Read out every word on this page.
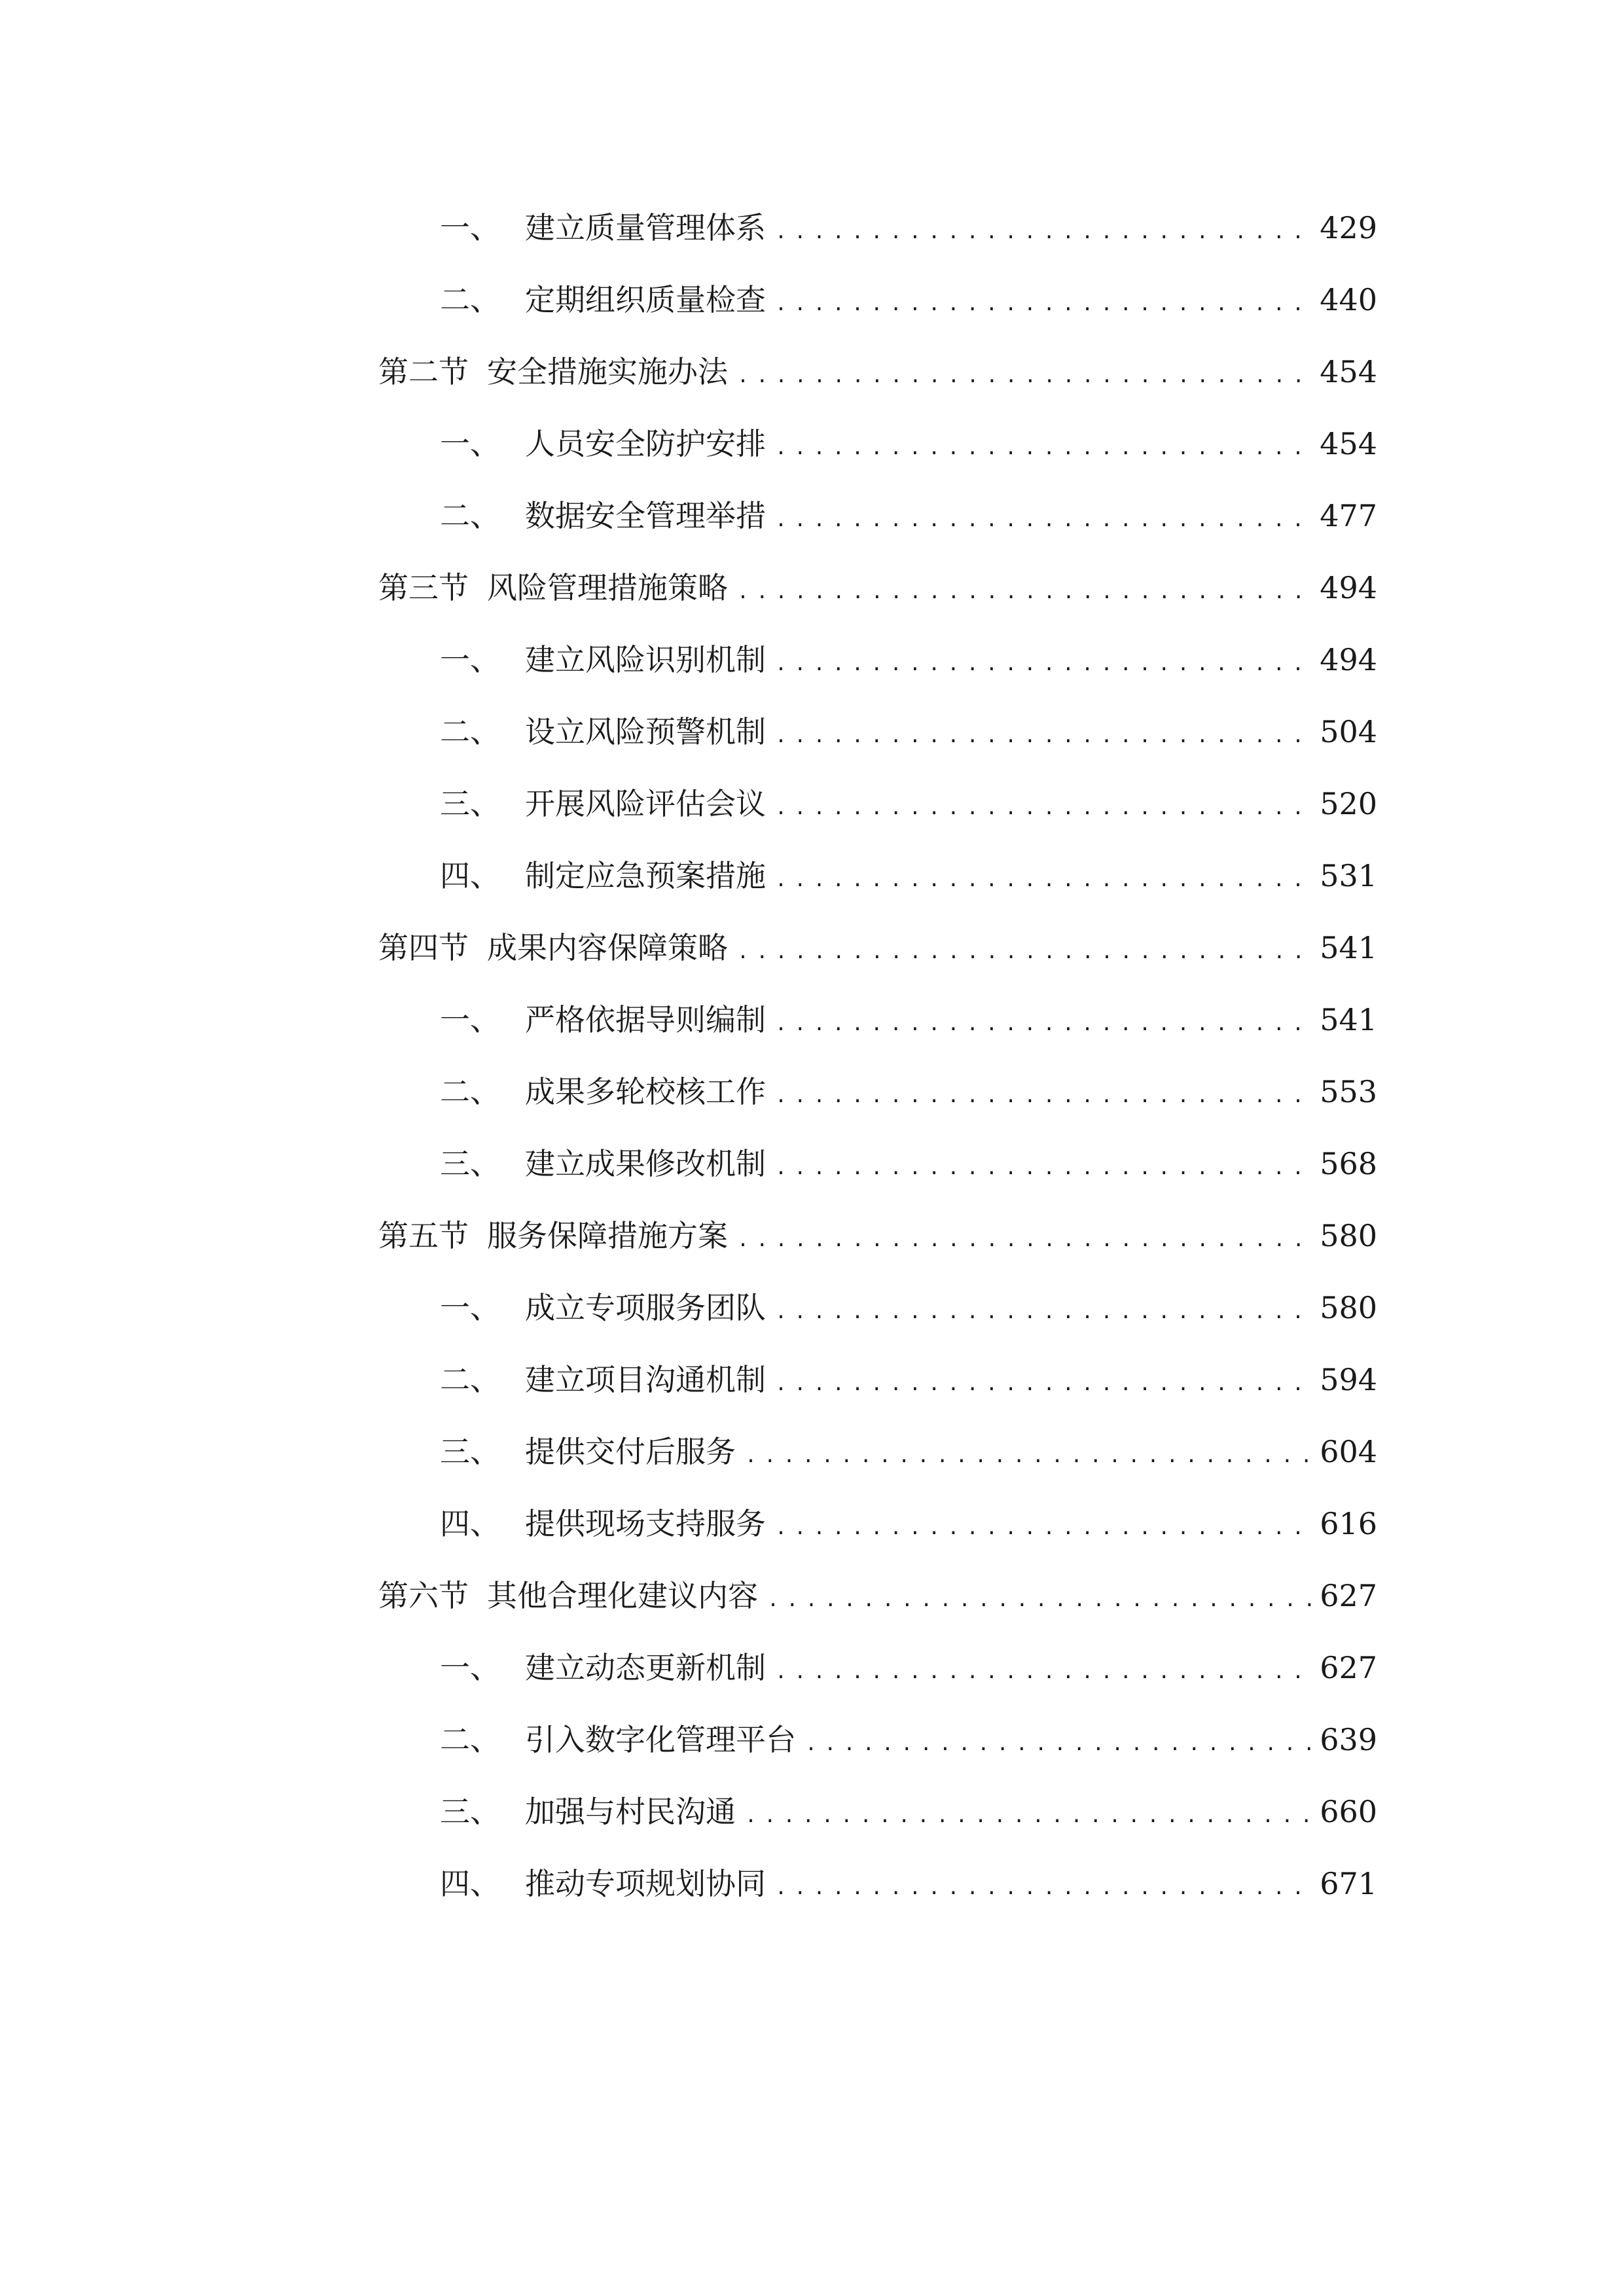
一、 建立质量管理体系 .....	429
二、 定期组织质量检查 .....	440
第二节 安全措施实施办法 .....	454
一、 人员安全防护安排 .....	454
二、 数据安全管理举措 .....	477
第三节 风险管理措施策略 .....	494
一、 建立风险识别机制 .....	494
二、 设立风险预警机制 .....	504
三、 开展风险评估会议 .....	520
四、 制定应急预案措施 .....	531
第四节 成果内容保障策略 .....	541
一、 严格依据导则编制 .....	541
二、 成果多轮校核工作 .....	553
三、 建立成果修改机制 .....	568
第五节 服务保障措施方案 .....	580
一、 成立专项服务团队 .....	580
二、 建立项目沟通机制 .....	594
三、 提供交付后服务 .....	604
四、 提供现场支持服务 .....	616
第六节 其他合理化建议内容 .....	627
一、 建立动态更新机制 .....	627
二、 引入数字化管理平台 .....	639
三、 加强与村民沟通 .....	660
四、 推动专项规划协同 .....	671
